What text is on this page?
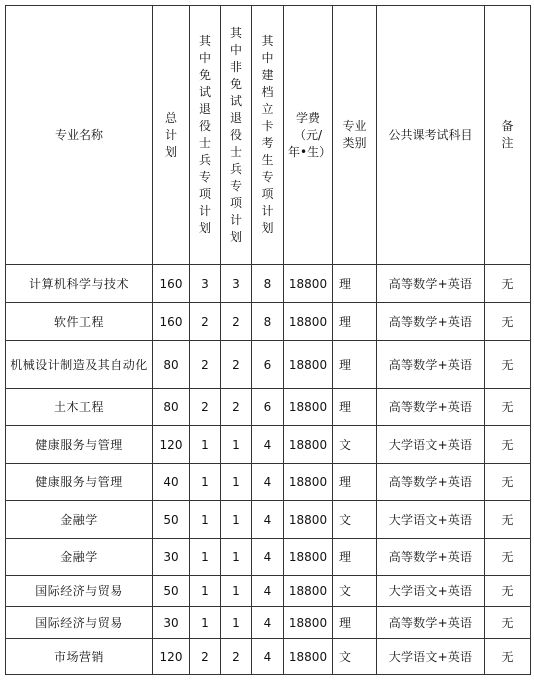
专业名称	总计划	其中免试退役士兵专项计划	其中非免试退役士兵专项计划	其中建档立卡考生专项计划	学费（元/年•生）	专业类别	公共课考试科目	备注
计算机科学与技术	160	3	3	8	18800	理	高等数学+英语	无
软件工程	160	2	2	8	18800	理	高等数学+英语	无
机械设计制造及其自动化	80	2	2	6	18800	理	高等数学+英语	无
土木工程	80	2	2	6	18800	理	高等数学+英语	无
健康服务与管理	120	1	1	4	18800	文	大学语文+英语	无
健康服务与管理	40	1	1	4	18800	理	高等数学+英语	无
金融学	50	1	1	4	18800	文	大学语文+英语	无
金融学	30	1	1	4	18800	理	高等数学+英语	无
国际经济与贸易	50	1	1	4	18800	文	大学语文+英语	无
国际经济与贸易	30	1	1	4	18800	理	高等数学+英语	无
市场营销	120	2	2	4	18800	文	大学语文+英语	无
